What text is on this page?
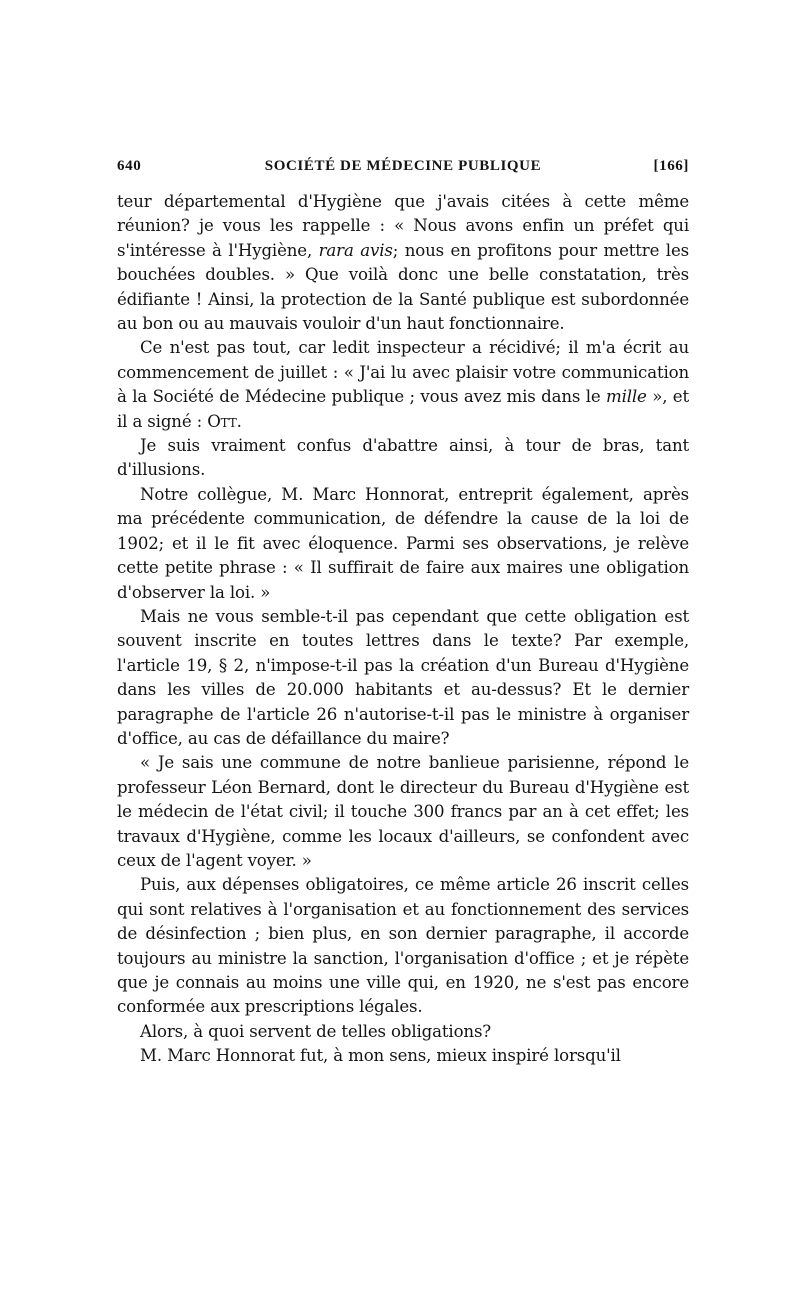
640	SOCIÉTÉ DE MÉDECINE PUBLIQUE	[166]

teur départemental d'Hygiène que j'avais citées à cette même réunion? je vous les rappelle : « Nous avons enfin un préfet qui s'intéresse à l'Hygiène, rara avis; nous en profitons pour mettre les bouchées doubles. » Que voilà donc une belle constatation, très édifiante ! Ainsi, la protection de la Santé publique est subordonnée au bon ou au mauvais vouloir d'un haut fonctionnaire.

Ce n'est pas tout, car ledit inspecteur a récidivé; il m'a écrit au commencement de juillet : « J'ai lu avec plaisir votre communication à la Société de Médecine publique ; vous avez mis dans le mille », et il a signé : Ott.

Je suis vraiment confus d'abattre ainsi, à tour de bras, tant d'illusions.

Notre collègue, M. Marc Honnorat, entreprit également, après ma précédente communication, de défendre la cause de la loi de 1902; et il le fit avec éloquence. Parmi ses observations, je relève cette petite phrase : « Il suffirait de faire aux maires une obligation d'observer la loi. »

Mais ne vous semble-t-il pas cependant que cette obligation est souvent inscrite en toutes lettres dans le texte? Par exemple, l'article 19, § 2, n'impose-t-il pas la création d'un Bureau d'Hygiène dans les villes de 20.000 habitants et au-dessus? Et le dernier paragraphe de l'article 26 n'autorise-t-il pas le ministre à organiser d'office, au cas de défaillance du maire?

« Je sais une commune de notre banlieue parisienne, répond le professeur Léon Bernard, dont le directeur du Bureau d'Hygiène est le médecin de l'état civil; il touche 300 francs par an à cet effet; les travaux d'Hygiène, comme les locaux d'ailleurs, se confondent avec ceux de l'agent voyer. »

Puis, aux dépenses obligatoires, ce même article 26 inscrit celles qui sont relatives à l'organisation et au fonctionnement des services de désinfection ; bien plus, en son dernier paragraphe, il accorde toujours au ministre la sanction, l'organisation d'office ; et je répète que je connais au moins une ville qui, en 1920, ne s'est pas encore conformée aux prescriptions légales.

Alors, à quoi servent de telles obligations?

M. Marc Honnorat fut, à mon sens, mieux inspiré lorsqu'il
